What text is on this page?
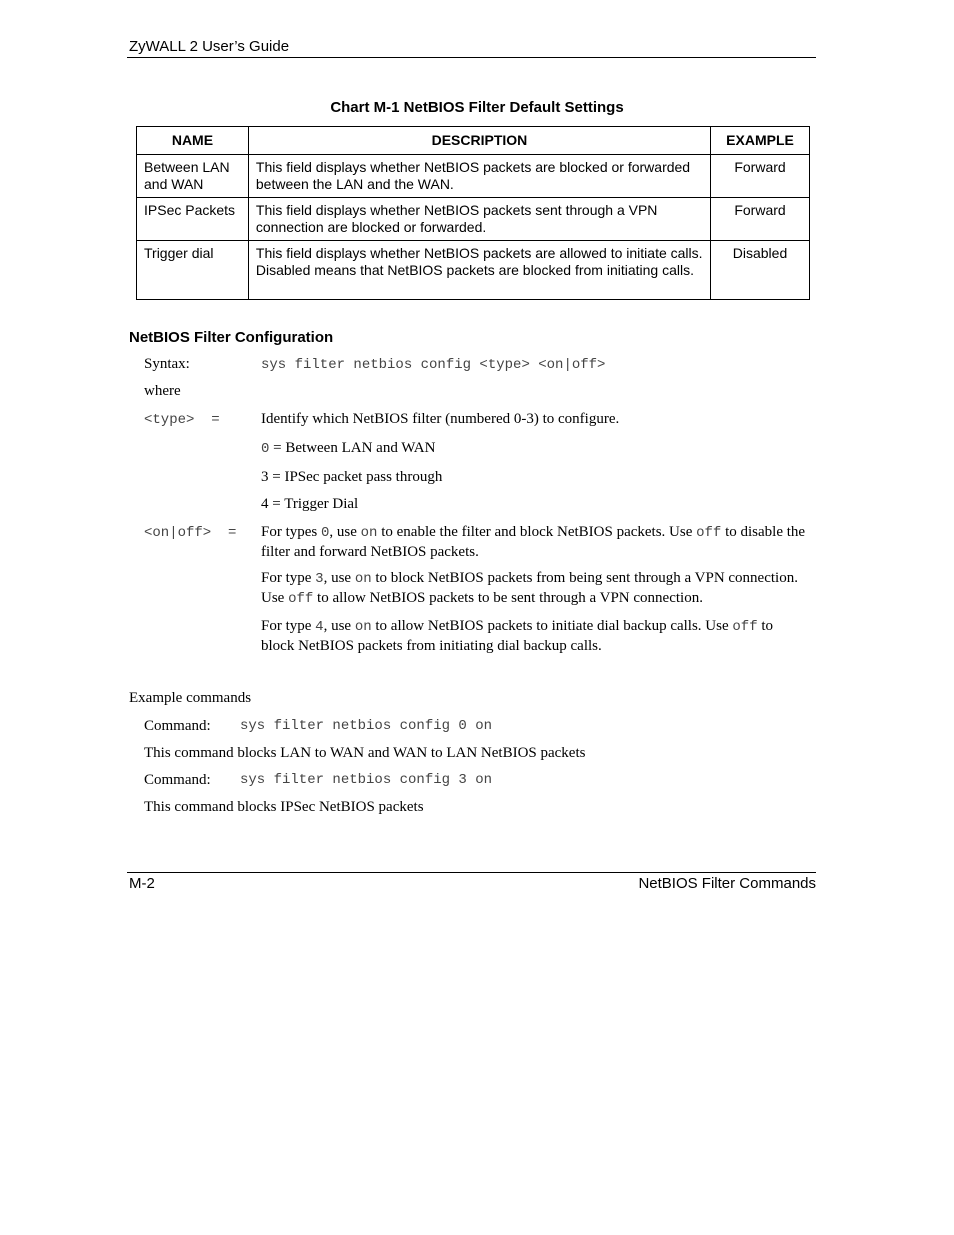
ZyWALL 2 User’s Guide
Chart M-1 NetBIOS Filter Default Settings
NAME	DESCRIPTION	EXAMPLE
Between LAN and WAN	This field displays whether NetBIOS packets are blocked or forwarded between the LAN and the WAN.	Forward
IPSec Packets	This field displays whether NetBIOS packets sent through a VPN connection are blocked or forwarded.	Forward
Trigger dial	This field displays whether NetBIOS packets are allowed to initiate calls. Disabled means that NetBIOS packets are blocked from initiating calls.	Disabled
NetBIOS Filter Configuration
Syntax:	sys filter netbios config <type> <on|off>
where
<type>  =	Identify which NetBIOS filter (numbered 0-3) to configure.
0 = Between LAN and WAN
3 = IPSec packet pass through
4 = Trigger Dial
<on|off>  = For types 0, use on to enable the filter and block NetBIOS packets. Use off to disable the filter and forward NetBIOS packets.
For type 3, use on to block NetBIOS packets from being sent through a VPN connection. Use off to allow NetBIOS packets to be sent through a VPN connection.
For type 4, use on to allow NetBIOS packets to initiate dial backup calls. Use off to block NetBIOS packets from initiating dial backup calls.
Example commands
Command: sys filter netbios config 0 on
This command blocks LAN to WAN and WAN to LAN NetBIOS packets
Command: sys filter netbios config 3 on
This command blocks IPSec NetBIOS packets
M-2	NetBIOS Filter Commands
